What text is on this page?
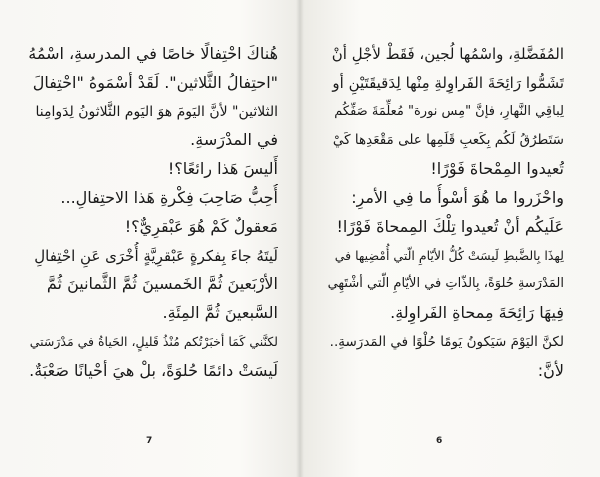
هُناكَ احْتِفالًا خاصًا في المدرسةِ، اسْمُهُ
"احتِفالُ الثَّلاثين". لَقَدْ أسْمَوهُ "احْتِفالَ
الثلاثين" لأنَّ اليَومَ هوَ اليَوم الثَّلاثونُ لِدَوامِنا
في المدْرَسةِ.
أَليسَ هَذا رائعًا؟!
أُحِبُّ صَاحِبَ فِكْرةِ هَذا الاحتِفالِ...
مَعقولٌ كَمْ هُوَ عَبْقرِيٌّ؟!
لَيتَهُ جاءَ بِفكرةٍ عَبْقرِيَّةٍ أُخْرَى عَنِ احْتِفالِ
الأرْبَعينَ ثُمَّ الخَمسينَ ثُمَّ الثَّمانينَ ثُمَّ
السَّبعينَ ثُمَّ المِئَةِ.
لكنَّني كَمَا أخبَرْتُكم مُنْذُ قَليلٍ، الحَياةُ في مَدْرَسَتي
لَيسَتْ دائمًا حُلوَةً، بلْ هيَ أحْيانًا صَعْبَةٌ.
7
المُفَضَّلةِ، واسْمُها لُجين، فَقَطْ لأجْلِ أنْ
تَشَمُّوا رَائِحَةَ الفَراوِلةِ مِنْها لِدَقيقَتَيْنِ أو
لِباقِي النَّهارِ، فإنَّ "مِس نورة" مُعلِّمَةَ صَفِّكُم
سَتَطرُقُ لَكُم بِكَعبِ قَلَمِها على مَقْعَدِها كَيْ
تُعيدوا المِمْحاةَ فَوْرًا!
واحْزَروا ما هُوَ أسْوأُ ما فِي الأمرِ:
عَلَيكُم أنْ تُعيدوا تِلْكَ المِمحاةَ فَوْرًا!
لِهذَا بِالضَّبطِ لَيسَتْ كُلُّ الأيّامِ الّتي أُمْضِيها في
المَدْرَسةِ حُلوَةً، بِالذّاتِ في الأيّامِ الّتي أشْتَهِي
فِيهَا رَائِحَةَ مِمحاةِ الفَراوِلةِ.
لكنَّ اليَوْمَ سَيَكونُ يَومًا حُلْوًا في المَدرَسةِ..
لأنَّ:
6
